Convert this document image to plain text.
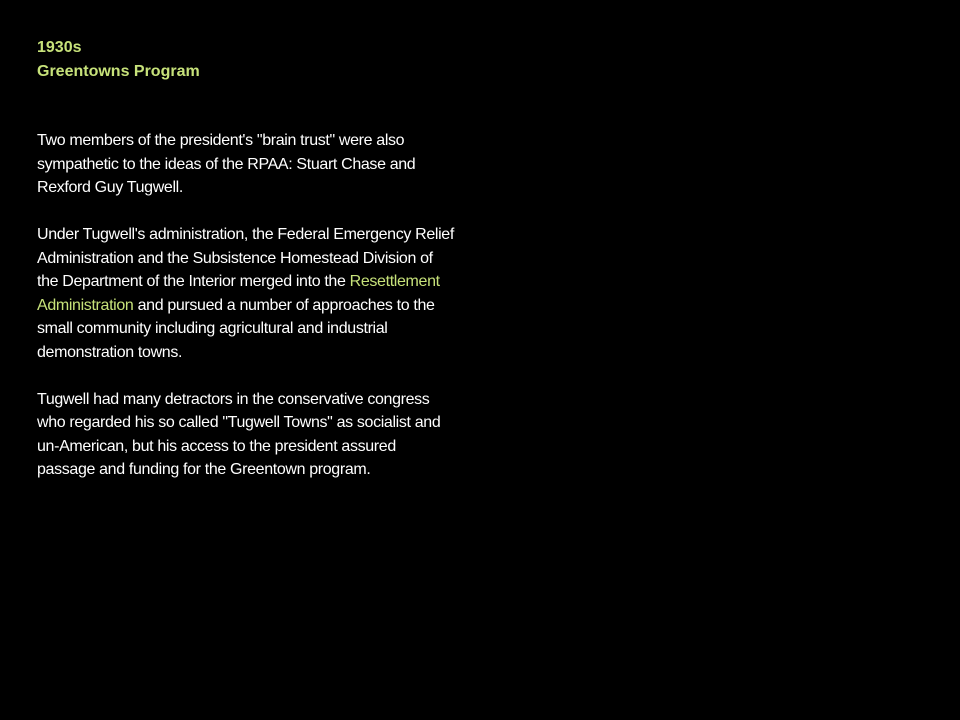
1930s
Greentowns Program

Two members of the president's "brain trust" were also sympathetic to the ideas of the RPAA: Stuart Chase and Rexford Guy Tugwell.

Under Tugwell's administration, the Federal Emergency Relief Administration and the Subsistence Homestead Division of the Department of the Interior merged into the Resettlement Administration and pursued a number of approaches to the small community including agricultural and industrial demonstration towns.

Tugwell had many detractors in the conservative congress who regarded his so called "Tugwell Towns" as socialist and un-American, but his access to the president assured passage and funding for the Greentown program.
